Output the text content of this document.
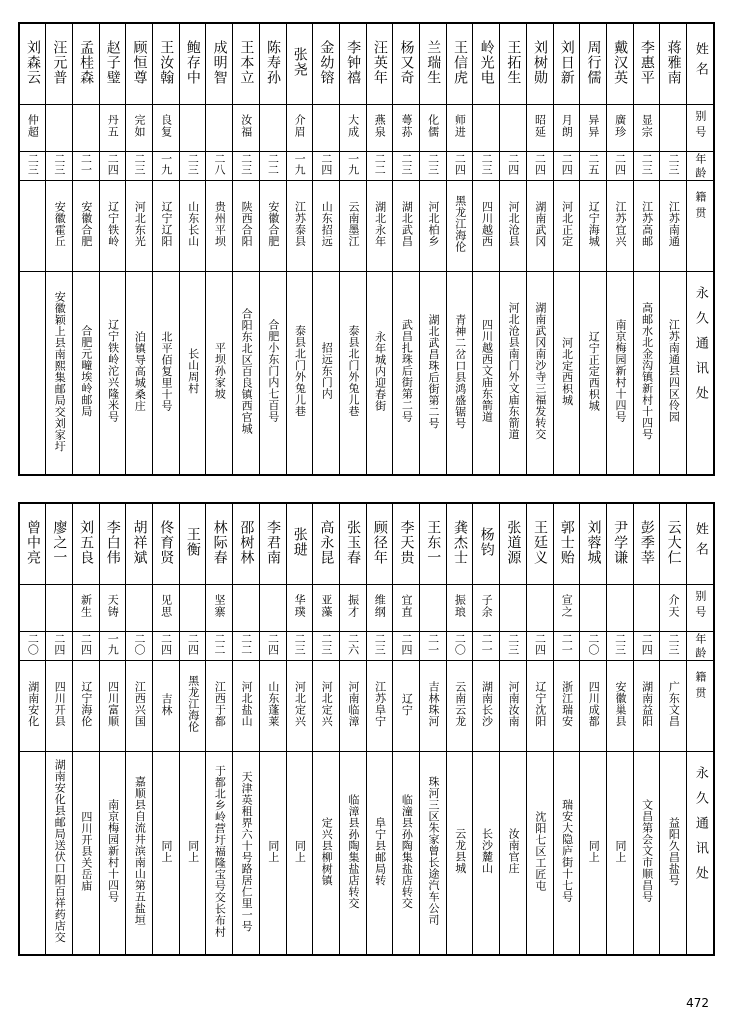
刘森云	汪元普	孟桂森	赵子璧	顾恒尊	王汝翰	鲍存中	成明智	王本立	陈寿孙	张尧	金幼镕	李钟禧	汪英年	杨又奇	兰瑞生	王信虎	岭光电	王拓生	刘树勋	刘日新	周行儒	戴汉英	李惠平	蒋雅南	姓名

仲超			丹五	完如	良复			汝福		介眉		大成	燕泉	蕚荪	化儒	师进			昭延	月朗	异异	廣珍	显宗		别号

二三	二三	二一	二四	二三	一九	二三	二八	二三	二二	一九	二四	一九	二二	二三	二三	二四	二三	二四	二四	二四	二五	二四	二三	二三	年龄

	安徽霍丘	安徽合肥	辽宁铁岭	河北东光	辽宁辽阳	山东长山	贵州平坝	陕西合阳	安徽合肥	江苏泰县	山东招远	云南墨江	湖北永年	湖北武昌	河北柏乡	黑龙江海伦	四川越西	河北沧县	湖南武冈	河北正定	辽宁海城	江苏宜兴	江苏高邮	江苏南通	籍贯

	安徽颖上县南熙集邮局交刘家圩	合肥元疃埃岭邮局	辽宁铁岭沱兴隆米号	泊镇导高城桑庄	北平佰复里十号	长山周村	平坝孙家坡	合阳东北区百良镇西官城	合肥小东门内七百号	泰县北门外兔儿巷	招远东门内	泰县北门外兔儿巷	永年城内迎春街	武昌扎珠后街第二号	湖北武昌珠后街第二号	青神二岔口县鸿盛锯号	四川越西文庙东箭道	河北沧县南门外文庙东箭道	湖南武冈南沙寺三福发转交	河北定西枳城	辽宁正定西枳城	南京梅园新村十四号	高邮水北金沟镇新村十四号	江苏南通县四区伶园	永久通讯处
曾中亮	廖之一	刘五良	李白伟	胡祥斌	佟育贤	王衡	林际春	邵树林	李君南	张琎	高永昆	张玉春	顾径年	李天贵	王东一	龚杰士	杨钧	张道源	王廷义	郭士贻	刘蓉城	尹学谦	彭季莘	云大仁	姓名

		新生	天铸		见思		坚寨			华璞	亚藻	振才	维纲	宜直		振琅	子余			宣之				介天	别号

二〇	二四	二四	一九	二〇	二四	二四	二二	二二	二四	二三	二三	二六	二三	二四	二一	二〇	二一	二三	二四	二一	二〇	二三	二四	二三	年龄

湖南安化	四川开县	辽宁海伦	四川富顺	江西兴国	吉林	黑龙江海伦	江西于都	河北盐山	山东蓬莱	河北定兴	河北定兴	河南临漳	江苏阜宁	辽宁	吉林珠河	云南云龙	湖南长沙	河南汝南	辽宁沈阳	浙江瑞安	四川成都	安徽巢县	湖南益阳	广东文昌	籍贯

	湖南安化县邮局送伏口阳百祥药店交	四川开县关岳庙	南京梅园新村十四号	嘉顺县自流井滨南山第五盐垣	同上	同上	于都北乡岭营圩福隆宝号交长布村	天津英租界六十号路居仁里一号	同上	同上	定兴县柳树镇	临漳县孙陶集盐店转交	阜宁县邮局转	临潼县孙陶集盐店转交	珠河三区朱家曾长途汽车公司	云龙县城	长沙麓山	汝南官庄	沈阳七区工匠屯	瑞安大隐庐街十七号	同上	同上	文昌第会文市顺昌号	益阳久昌盐号	永久通讯处
472
